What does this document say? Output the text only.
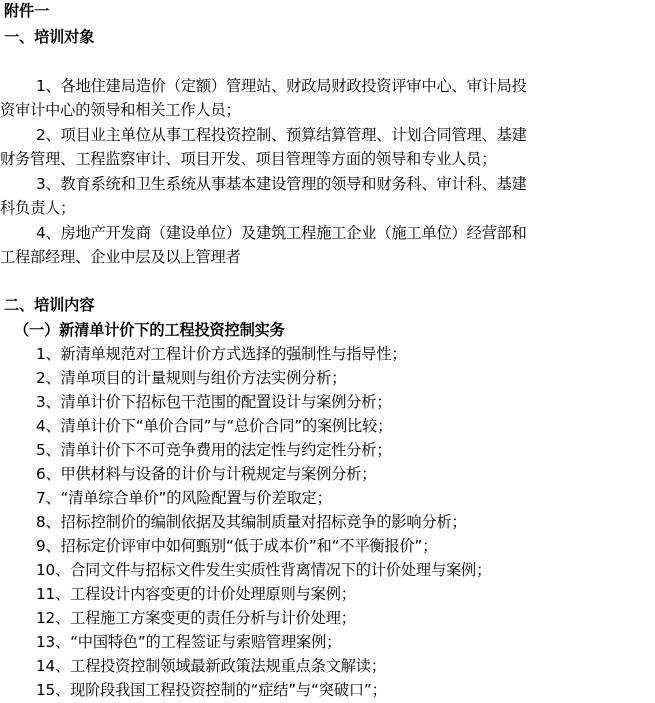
附件一
一、培训对象
1、各地住建局造价（定额）管理站、财政局财政投资评审中心、审计局投
资审计中心的领导和相关工作人员；
2、项目业主单位从事工程投资控制、预算结算管理、计划合同管理、基建
财务管理、工程监察审计、项目开发、项目管理等方面的领导和专业人员；
3、教育系统和卫生系统从事基本建设管理的领导和财务科、审计科、基建
科负责人；
4、房地产开发商（建设单位）及建筑工程施工企业（施工单位）经营部和
工程部经理、企业中层及以上管理者
二、培训内容
（一）新清单计价下的工程投资控制实务
1、新清单规范对工程计价方式选择的强制性与指导性；
2、清单项目的计量规则与组价方法实例分析；
3、清单计价下招标包干范围的配置设计与案例分析；
4、清单计价下“单价合同”与“总价合同”的案例比较；
5、清单计价下不可竞争费用的法定性与约定性分析；
6、甲供材料与设备的计价与计税规定与案例分析；
7、“清单综合单价”的风险配置与价差取定；
8、招标控制价的编制依据及其编制质量对招标竞争的影响分析；
9、招标定价评审中如何甄别“低于成本价”和“不平衡报价”；
10、合同文件与招标文件发生实质性背离情况下的计价处理与案例；
11、工程设计内容变更的计价处理原则与案例；
12、工程施工方案变更的责任分析与计价处理；
13、“中国特色”的工程签证与索赔管理案例；
14、工程投资控制领域最新政策法规重点条文解读；
15、现阶段我国工程投资控制的“症结”与“突破口”；
